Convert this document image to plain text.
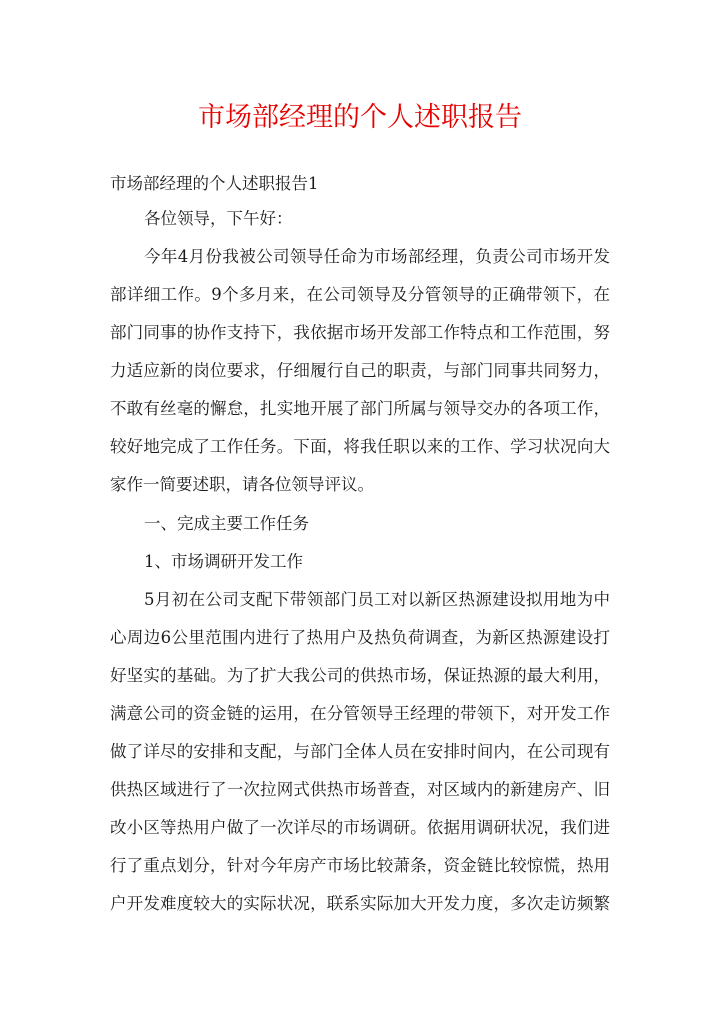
市场部经理的个人述职报告
市场部经理的个人述职报告1
各位领导，下午好：
今年4月份我被公司领导任命为市场部经理，负责公司市场开发
部详细工作。9个多月来，在公司领导及分管领导的正确带领下，在
部门同事的协作支持下，我依据市场开发部工作特点和工作范围，努
力适应新的岗位要求，仔细履行自己的职责，与部门同事共同努力，
不敢有丝毫的懈怠，扎实地开展了部门所属与领导交办的各项工作，
较好地完成了工作任务。下面，将我任职以来的工作、学习状况向大
家作一简要述职，请各位领导评议。
一、完成主要工作任务
1、市场调研开发工作
5月初在公司支配下带领部门员工对以新区热源建设拟用地为中
心周边6公里范围内进行了热用户及热负荷调查，为新区热源建设打
好坚实的基础。为了扩大我公司的供热市场，保证热源的最大利用，
满意公司的资金链的运用，在分管领导王经理的带领下，对开发工作
做了详尽的安排和支配，与部门全体人员在安排时间内，在公司现有
供热区域进行了一次拉网式供热市场普查，对区域内的新建房产、旧
改小区等热用户做了一次详尽的市场调研。依据用调研状况，我们进
行了重点划分，针对今年房产市场比较萧条，资金链比较惊慌，热用
户开发难度较大的实际状况，联系实际加大开发力度，多次走访频繁
